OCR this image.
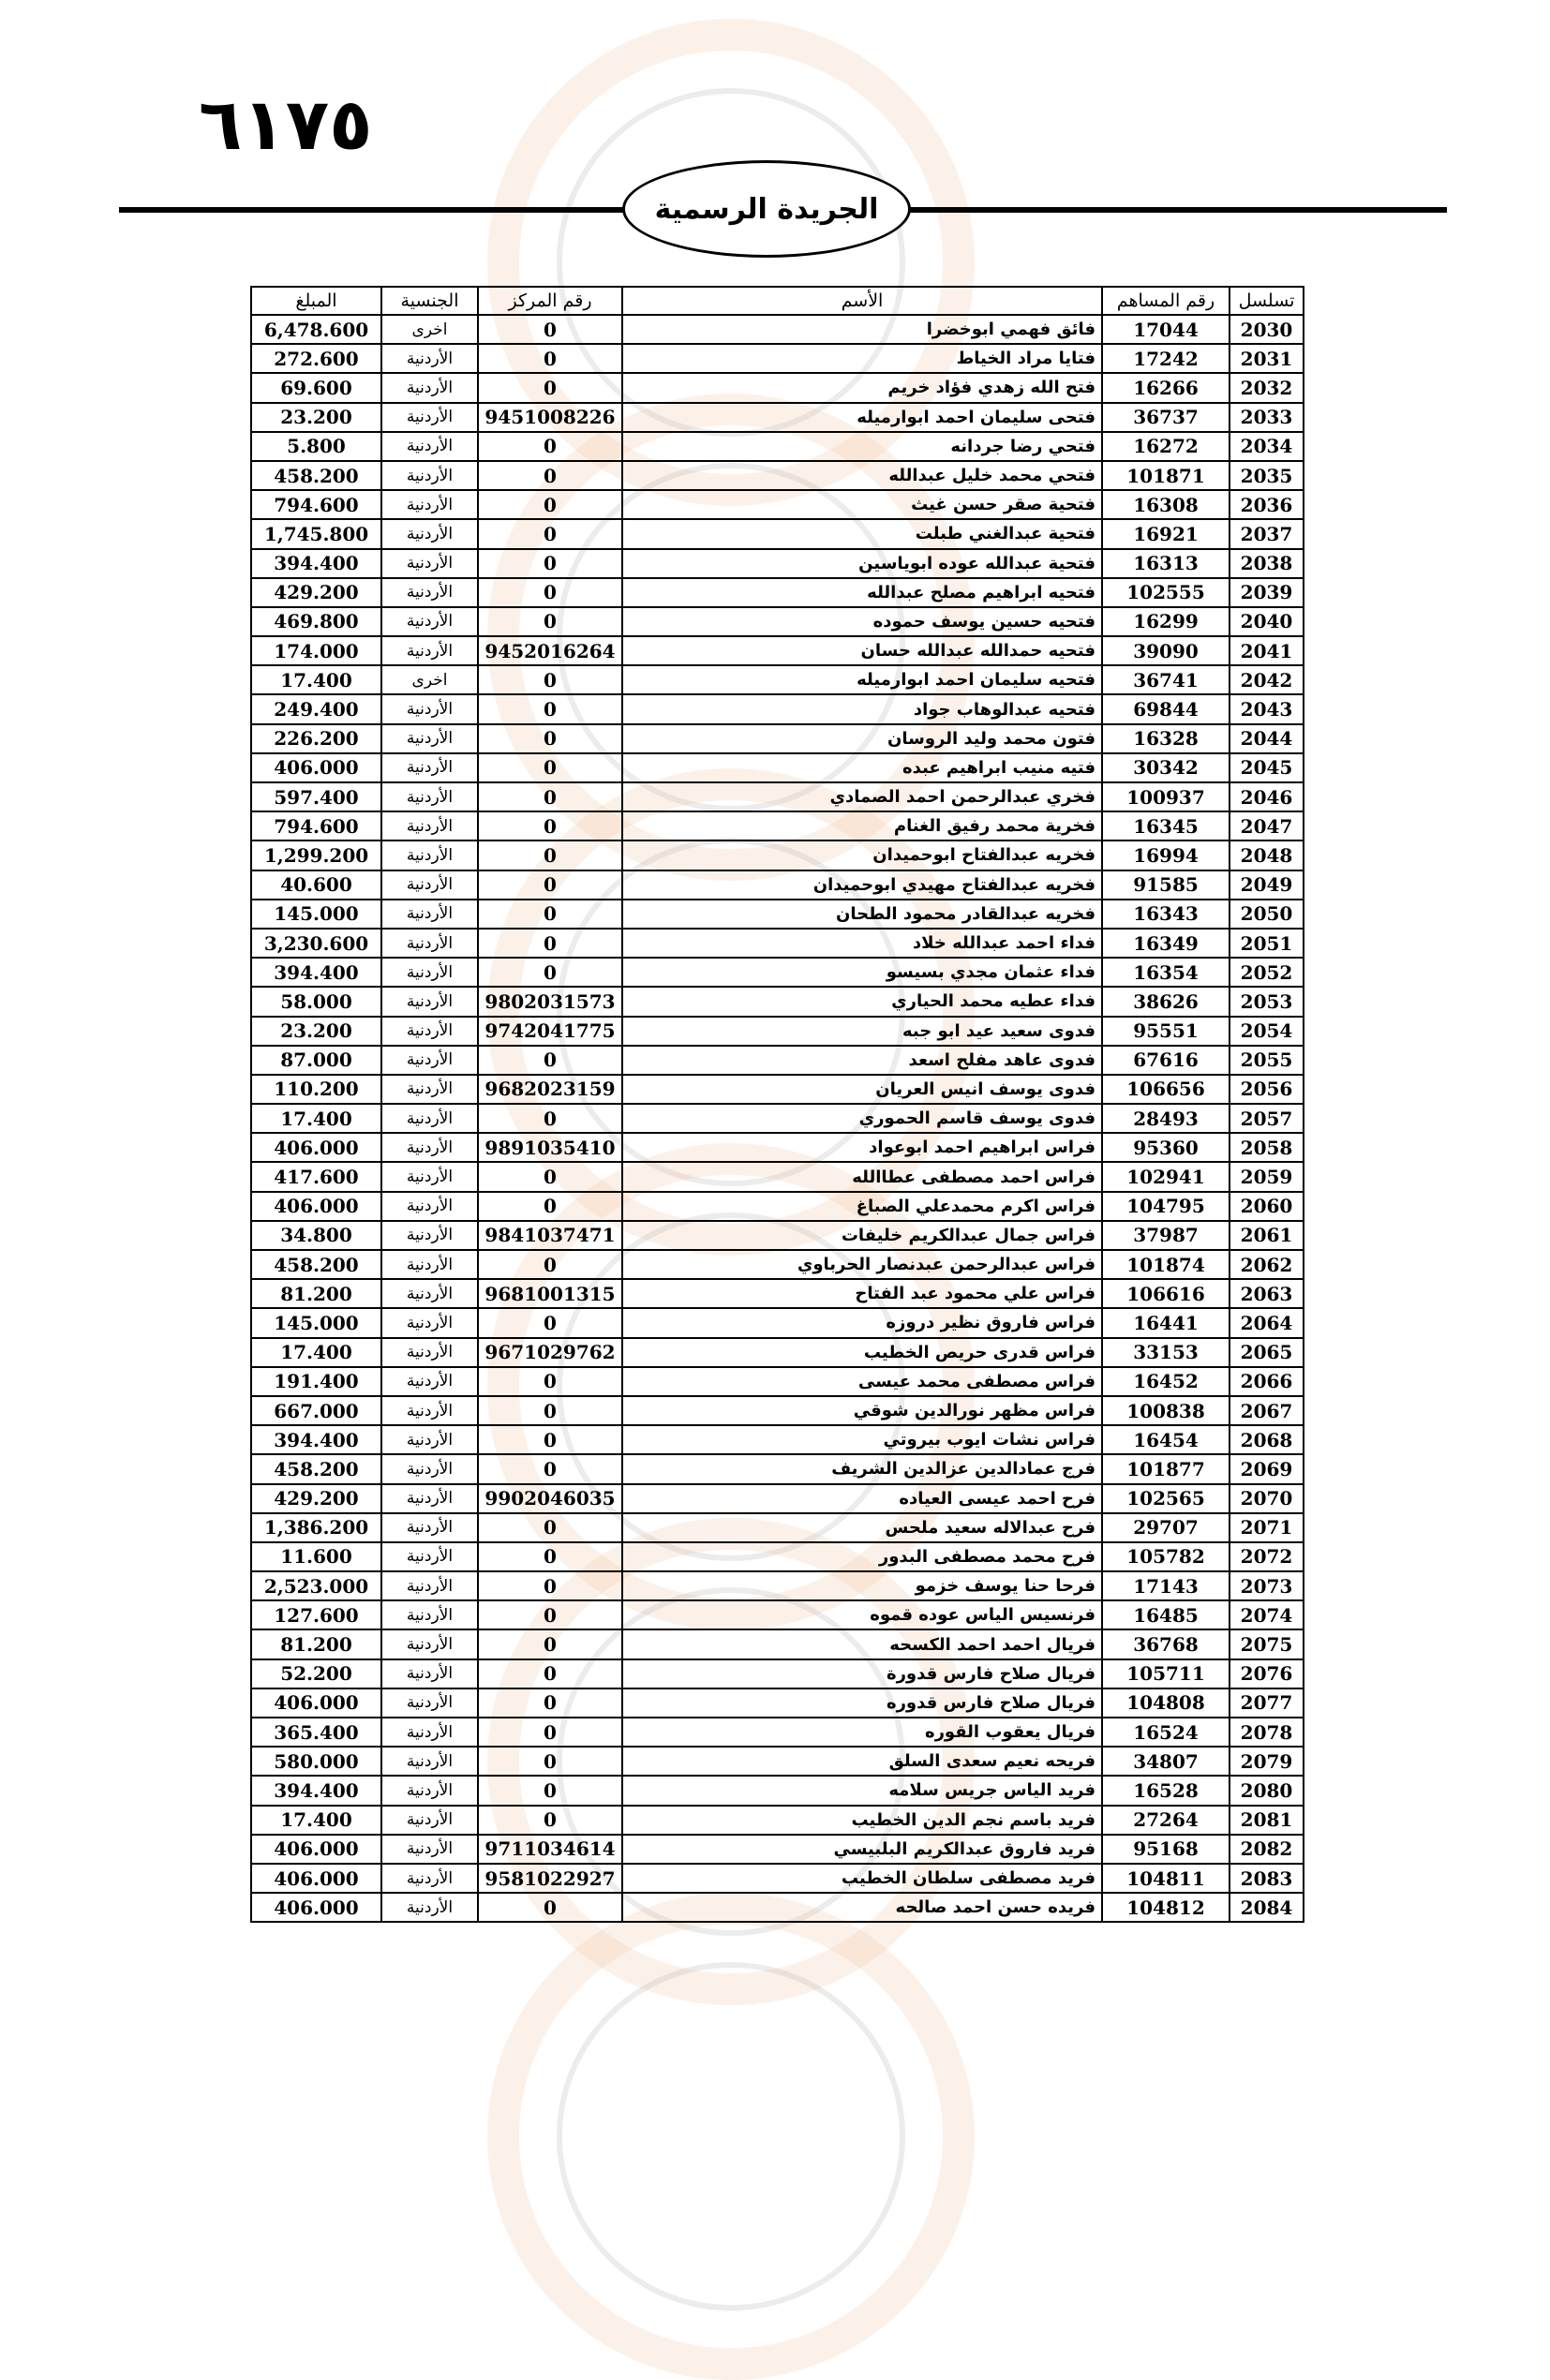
٦١٧٥
الجريدة الرسمية
تسلسل	رقم المساهم	الأسم	رقم المركز	الجنسية	المبلغ
2030	17044	فائق فهمي ابوخضرا	0	اخرى	6,478.600
2031	17242	فتايا مراد الخياط	0	الأردنية	272.600
2032	16266	فتح الله زهدي فؤاد خريم	0	الأردنية	69.600
2033	36737	فتحى سليمان احمد ابوارميله	9451008226	الأردنية	23.200
2034	16272	فتحي رضا جردانه	0	الأردنية	5.800
2035	101871	فتحي محمد خليل عبدالله	0	الأردنية	458.200
2036	16308	فتحية صقر حسن غيث	0	الأردنية	794.600
2037	16921	فتحية عبدالغني طبلت	0	الأردنية	1,745.800
2038	16313	فتحية عبدالله عوده ابوياسين	0	الأردنية	394.400
2039	102555	فتحيه ابراهيم مصلح عبدالله	0	الأردنية	429.200
2040	16299	فتحيه حسين يوسف حموده	0	الأردنية	469.800
2041	39090	فتحيه حمدالله عبدالله حسان	9452016264	الأردنية	174.000
2042	36741	فتحيه سليمان احمد ابوارميله	0	اخرى	17.400
2043	69844	فتحيه عبدالوهاب جواد	0	الأردنية	249.400
2044	16328	فتون محمد وليد الروسان	0	الأردنية	226.200
2045	30342	فتيه منيب ابراهيم عبده	0	الأردنية	406.000
2046	100937	فخري عبدالرحمن احمد الصمادي	0	الأردنية	597.400
2047	16345	فخرية محمد رفيق الغنام	0	الأردنية	794.600
2048	16994	فخريه عبدالفتاح ابوحميدان	0	الأردنية	1,299.200
2049	91585	فخريه عبدالفتاح مهيدي ابوحميدان	0	الأردنية	40.600
2050	16343	فخريه عبدالقادر محمود الطحان	0	الأردنية	145.000
2051	16349	فداء احمد عبدالله خلاد	0	الأردنية	3,230.600
2052	16354	فداء عثمان مجدي بسيسو	0	الأردنية	394.400
2053	38626	فداء عطيه محمد الحياري	9802031573	الأردنية	58.000
2054	95551	فدوى سعيد عيد ابو جبه	9742041775	الأردنية	23.200
2055	67616	فدوى عاهد مفلح اسعد	0	الأردنية	87.000
2056	106656	فدوى يوسف انيس العريان	9682023159	الأردنية	110.200
2057	28493	فدوى يوسف قاسم الحموري	0	الأردنية	17.400
2058	95360	فراس ابراهيم احمد ابوعواد	9891035410	الأردنية	406.000
2059	102941	فراس احمد مصطفى عطاالله	0	الأردنية	417.600
2060	104795	فراس اكرم محمدعلي الصباغ	0	الأردنية	406.000
2061	37987	فراس جمال عبدالكريم خليفات	9841037471	الأردنية	34.800
2062	101874	فراس عبدالرحمن عبدنصار الحرباوي	0	الأردنية	458.200
2063	106616	فراس علي محمود عبد الفتاح	9681001315	الأردنية	81.200
2064	16441	فراس فاروق نظير دروزه	0	الأردنية	145.000
2065	33153	فراس قدرى حريص الخطيب	9671029762	الأردنية	17.400
2066	16452	فراس مصطفى محمد عيسى	0	الأردنية	191.400
2067	100838	فراس مظهر نورالدين شوقي	0	الأردنية	667.000
2068	16454	فراس نشات ايوب بيروتي	0	الأردنية	394.400
2069	101877	فرج عمادالدين عزالدين الشريف	0	الأردنية	458.200
2070	102565	فرح احمد عيسى العياده	9902046035	الأردنية	429.200
2071	29707	فرح عبدالاله سعيد ملحس	0	الأردنية	1,386.200
2072	105782	فرح محمد مصطفى البدور	0	الأردنية	11.600
2073	17143	فرحا حنا يوسف خزمو	0	الأردنية	2,523.000
2074	16485	فرنسيس الياس عوده قموه	0	الأردنية	127.600
2075	36768	فريال احمد احمد الكسحه	0	الأردنية	81.200
2076	105711	فريال صلاح فارس قدورة	0	الأردنية	52.200
2077	104808	فريال صلاح فارس قدوره	0	الأردنية	406.000
2078	16524	فريال يعقوب القوره	0	الأردنية	365.400
2079	34807	فريحه نعيم سعدى السلق	0	الأردنية	580.000
2080	16528	فريد الياس جريس سلامه	0	الأردنية	394.400
2081	27264	فريد باسم نجم الدين الخطيب	0	الأردنية	17.400
2082	95168	فريد فاروق عبدالكريم البلبيسي	9711034614	الأردنية	406.000
2083	104811	فريد مصطفى سلطان الخطيب	9581022927	الأردنية	406.000
2084	104812	فريده حسن احمد صالحه	0	الأردنية	406.000
